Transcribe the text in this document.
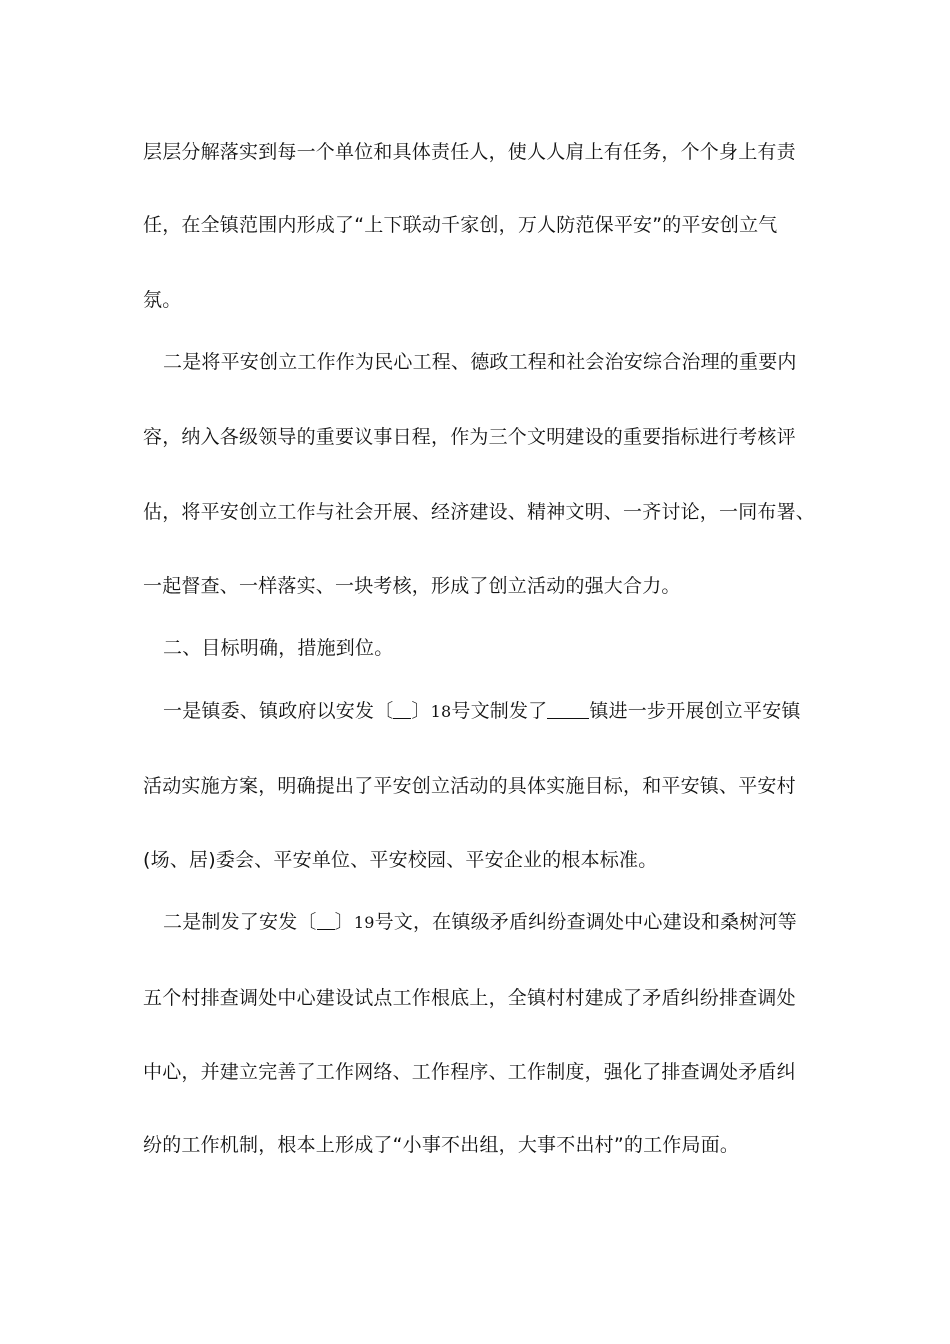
层层分解落实到每一个单位和具体责任人，使人人肩上有任务，个个身上有责
任，在全镇范围内形成了“上下联动千家创，万人防范保平安”的平安创立气
氛。
二是将平安创立工作作为民心工程、德政工程和社会治安综合治理的重要内
容，纳入各级领导的重要议事日程，作为三个文明建设的重要指标进行考核评
估，将平安创立工作与社会开展、经济建设、精神文明、一齐讨论，一同布署、
一起督查、一样落实、一块考核，形成了创立活动的强大合力。
二、目标明确，措施到位。
一是镇委、镇政府以安发〔 〕18号文制发了 镇进一步开展创立平安镇
活动实施方案，明确提出了平安创立活动的具体实施目标，和平安镇、平安村
(场、居)委会、平安单位、平安校园、平安企业的根本标准。
二是制发了安发〔 〕19号文，在镇级矛盾纠纷查调处中心建设和桑树河等
五个村排查调处中心建设试点工作根底上，全镇村村建成了矛盾纠纷排查调处
中心，并建立完善了工作网络、工作程序、工作制度，强化了排查调处矛盾纠
纷的工作机制，根本上形成了“小事不出组，大事不出村”的工作局面。
